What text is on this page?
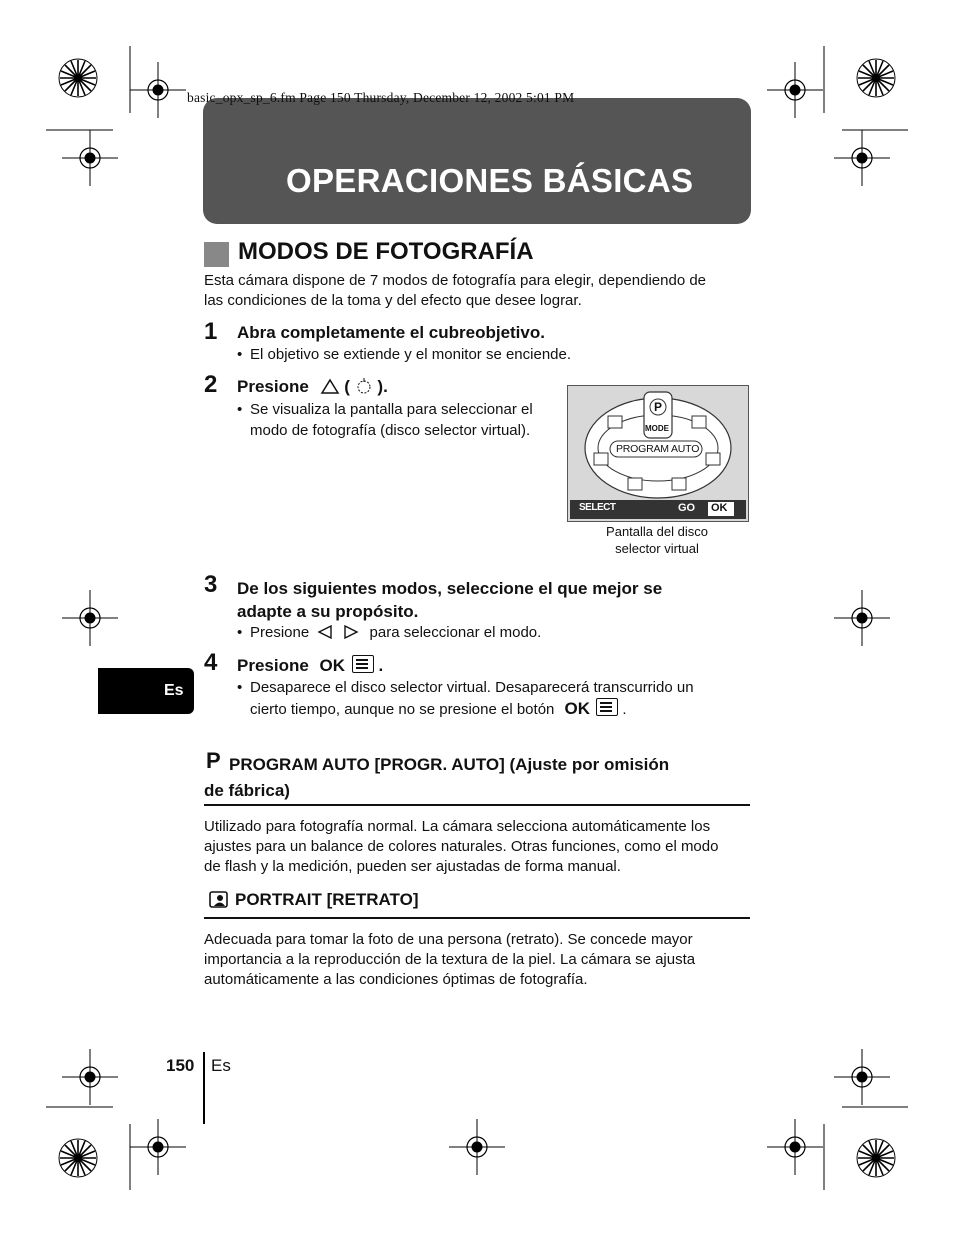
basic_opx_sp_6.fm Page 150 Thursday, December 12, 2002 5:01 PM
OPERACIONES BÁSICAS
MODOS DE FOTOGRAFÍA
Esta cámara dispone de 7 modos de fotografía para elegir, dependiendo de
las condiciones de la toma y del efecto que desee lograr.
1 Abra completamente el cubreobjetivo.
• El objetivo se extiende y el monitor se enciende.
2 Presione ( ).
• Se visualiza la pantalla para seleccionar el
modo de fotografía (disco selector virtual).
P
MODE
PROGRAM AUTO
SELECT	GO OK
Pantalla del disco
selector virtual
3 De los siguientes modos, seleccione el que mejor se
adapte a su propósito.
• Presione	para seleccionar el modo.
4 Presione OK .
• Desaparece el disco selector virtual. Desaparecerá transcurrido un
cierto tiempo, aunque no se presione el botón OK .
Es
P PROGRAM AUTO [PROGR. AUTO] (Ajuste por omisión
de fábrica)
Utilizado para fotografía normal. La cámara selecciona automáticamente los
ajustes para un balance de colores naturales. Otras funciones, como el modo
de flash y la medición, pueden ser ajustadas de forma manual.
PORTRAIT [RETRATO]
Adecuada para tomar la foto de una persona (retrato). Se concede mayor
importancia a la reproducción de la textura de la piel. La cámara se ajusta
automáticamente a las condiciones óptimas de fotografía.
150 Es
